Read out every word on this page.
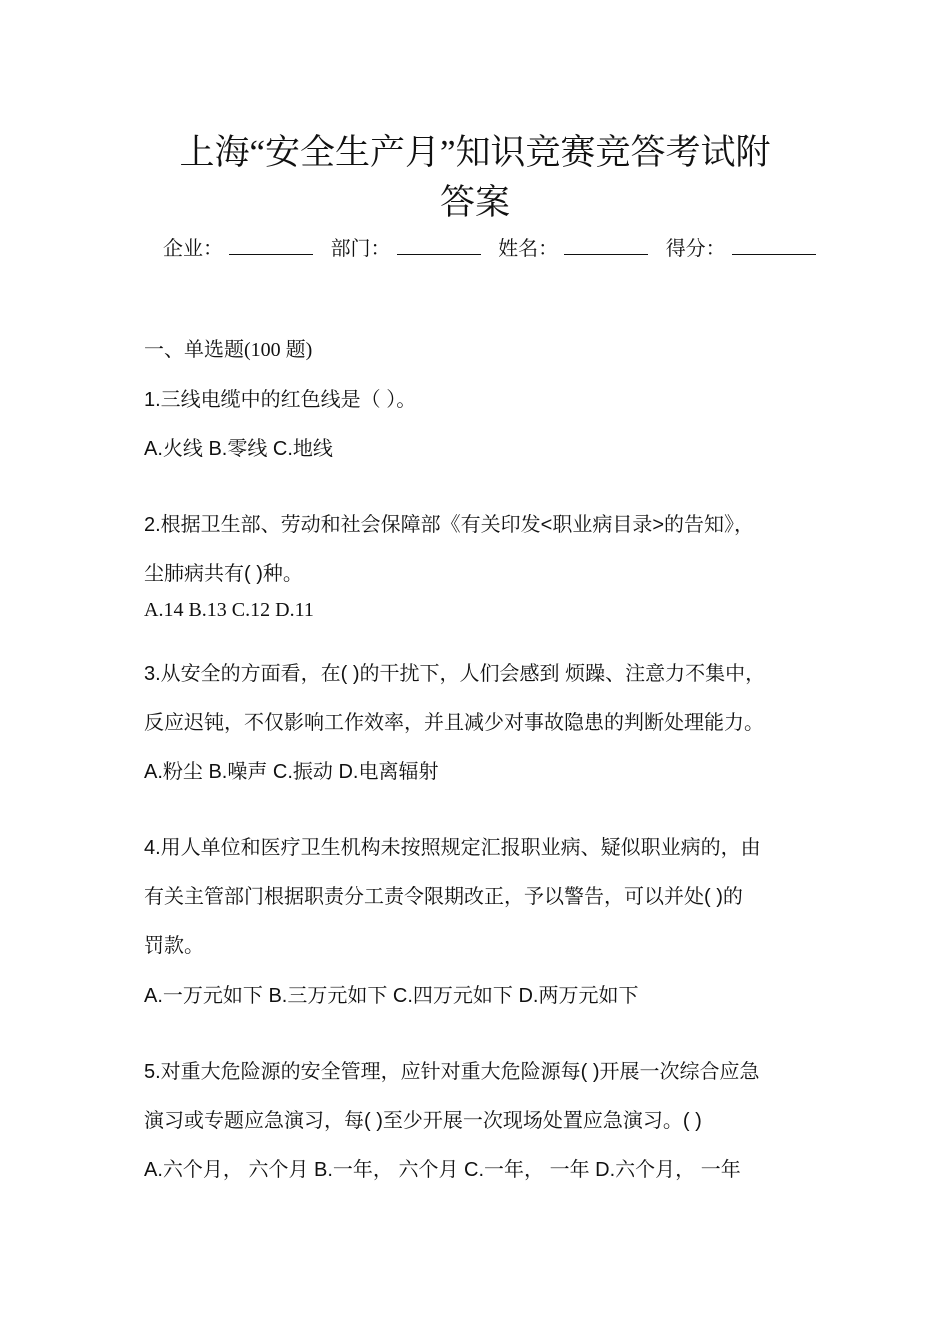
上海“安全生产月”知识竞赛竞答考试附
答案
企业：	部门：	姓名：	得分：
一、单选题(100 题)
1.三线电缆中的红色线是（ ）。
A.火线 B.零线 C.地线
2.根据卫生部、劳动和社会保障部《有关印发<职业病目录>的告知》，
尘肺病共有( )种。
A.14 B.13 C.12 D.11
3.从安全的方面看，在( )的干扰下，人们会感到 烦躁、注意力不集中，
反应迟钝，不仅影响工作效率，并且减少对事故隐患的判断处理能力。
A.粉尘 B.噪声 C.振动 D.电离辐射
4.用人单位和医疗卫生机构未按照规定汇报职业病、疑似职业病的，由
有关主管部门根据职责分工责令限期改正，予以警告，可以并处( )的
罚款。
A.一万元如下 B.三万元如下 C.四万元如下 D.两万元如下
5.对重大危险源的安全管理，应针对重大危险源每( )开展一次综合应急
演习或专题应急演习，每( )至少开展一次现场处置应急演习。( )
A.六个月， 六个月 B.一年， 六个月 C.一年， 一年 D.六个月， 一年
